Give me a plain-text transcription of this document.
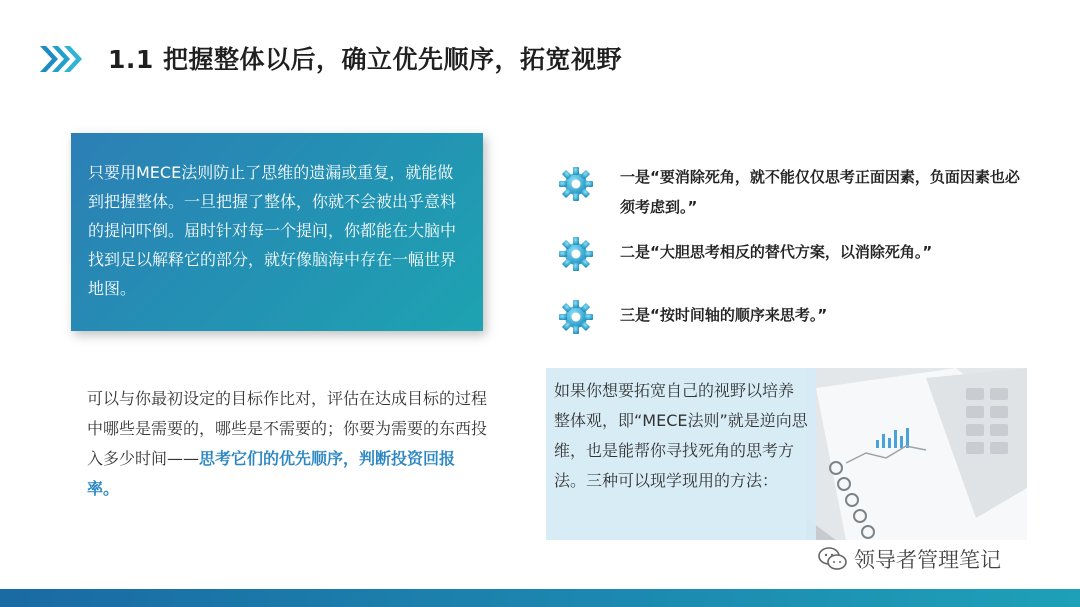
1.1 把握整体以后，确立优先顺序，拓宽视野
只要用MECE法则防止了思维的遗漏或重复，就能做到把握整体。一旦把握了整体，你就不会被出乎意料的提问吓倒。届时针对每一个提问，你都能在大脑中找到足以解释它的部分，就好像脑海中存在一幅世界地图。
可以与你最初设定的目标作比对，评估在达成目标的过程中哪些是需要的，哪些是不需要的；你要为需要的东西投入多少时间——思考它们的优先顺序，判断投资回报率。
一是“要消除死角，就不能仅仅思考正面因素，负面因素也必须考虑到。”
二是“大胆思考相反的替代方案，以消除死角。”
三是“按时间轴的顺序来思考。”
如果你想要拓宽自己的视野以培养整体观，即“MECE法则”就是逆向思维，也是能帮你寻找死角的思考方法。三种可以现学现用的方法：
领导者管理笔记
